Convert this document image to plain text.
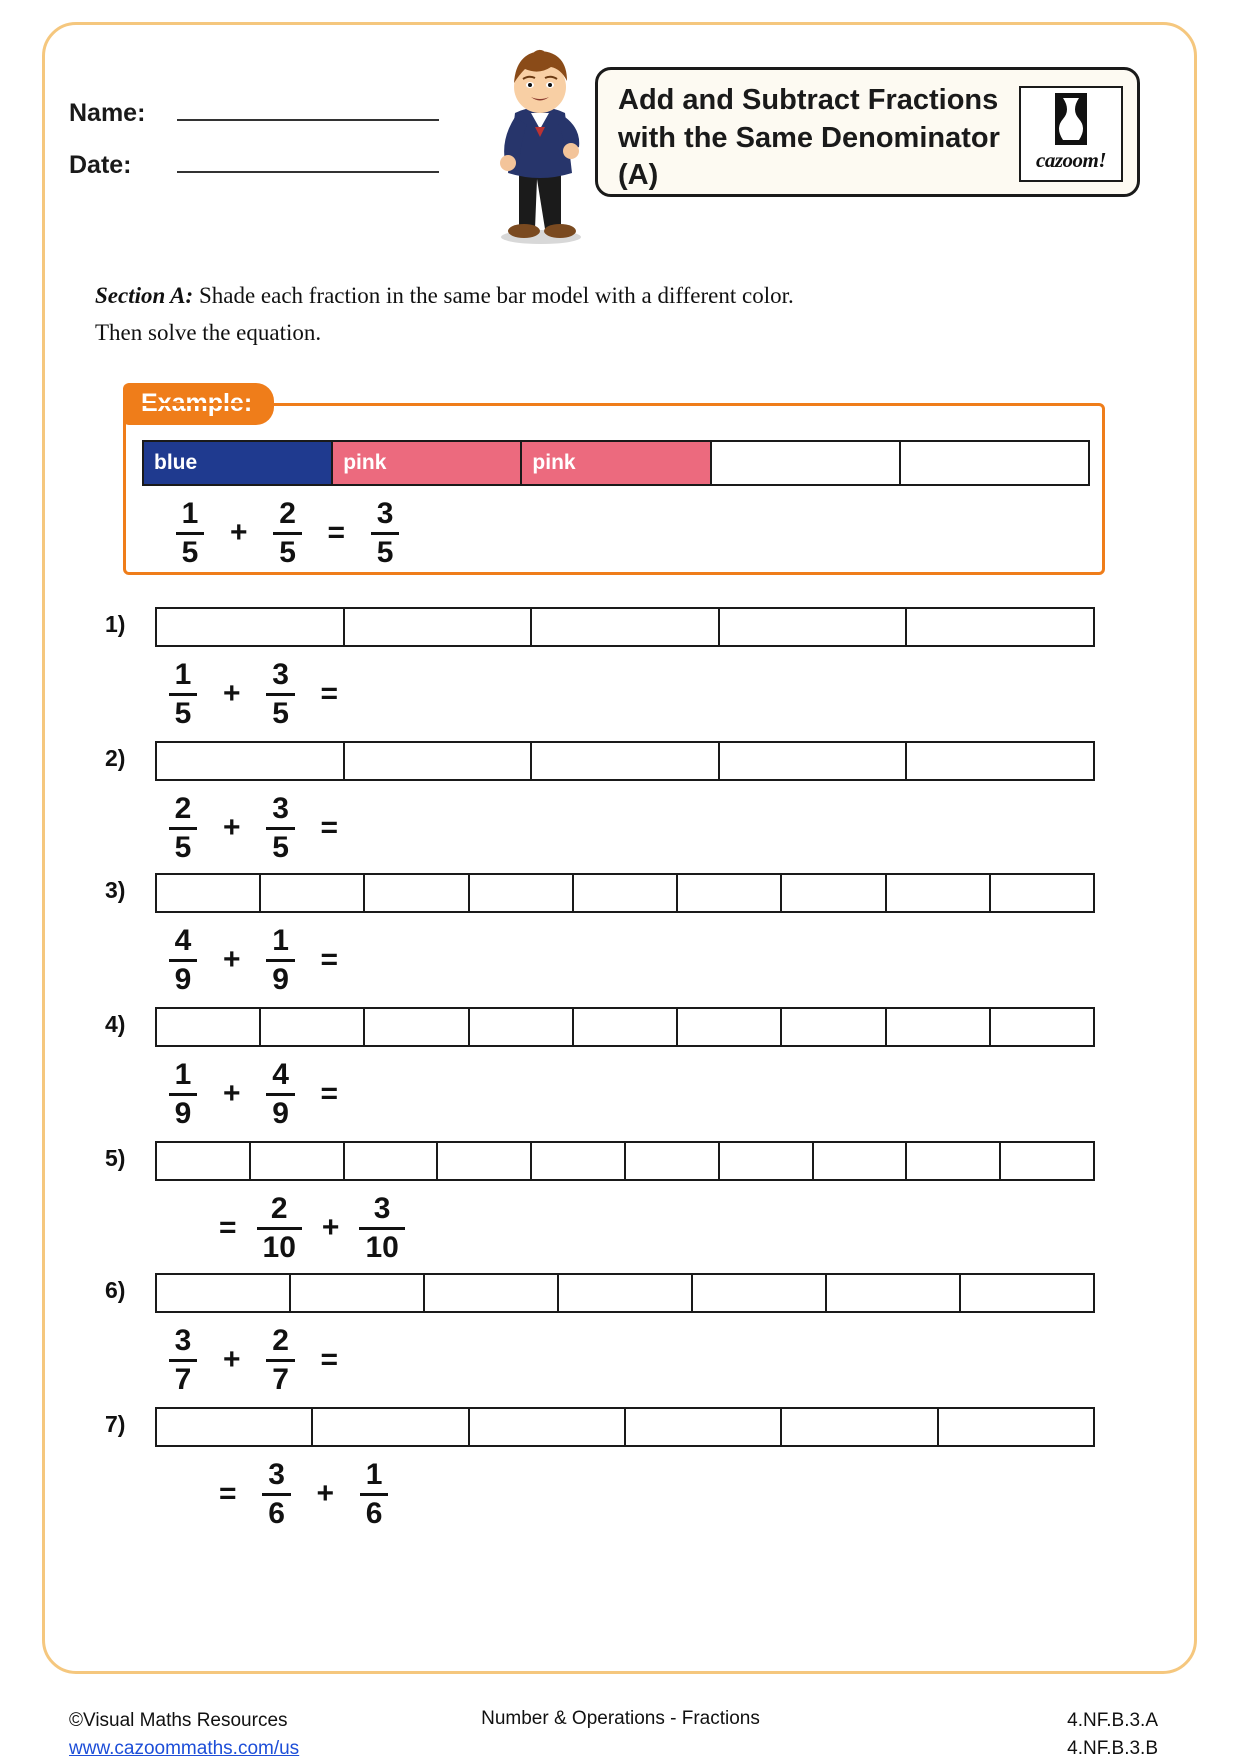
Name:
Date:
Add and Subtract Fractions with the Same Denominator (A)	cazoom!
Section A: Shade each fraction in the same bar model with a different color.
Then solve the equation.
Example:
blue	pink	pink
$\frac{1}{5} + \frac{2}{5} = \frac{3}{5}$
1)
$\frac{1}{5} + \frac{3}{5}$ =
2)
$\frac{2}{5} + \frac{3}{5}$ =
3)
$\frac{4}{9} + \frac{1}{9}$ =
4)
$\frac{1}{9} + \frac{4}{9}$ =
5)
= $\frac{2}{10} + \frac{3}{10}$
6)
$\frac{3}{7} + \frac{2}{7}$ =
7)
= $\frac{3}{6} + \frac{1}{6}$
©Visual Maths Resources
www.cazoommaths.com/us
4.NF.B.3.A
4.NF.B.3.B
Number & Operations - Fractions
